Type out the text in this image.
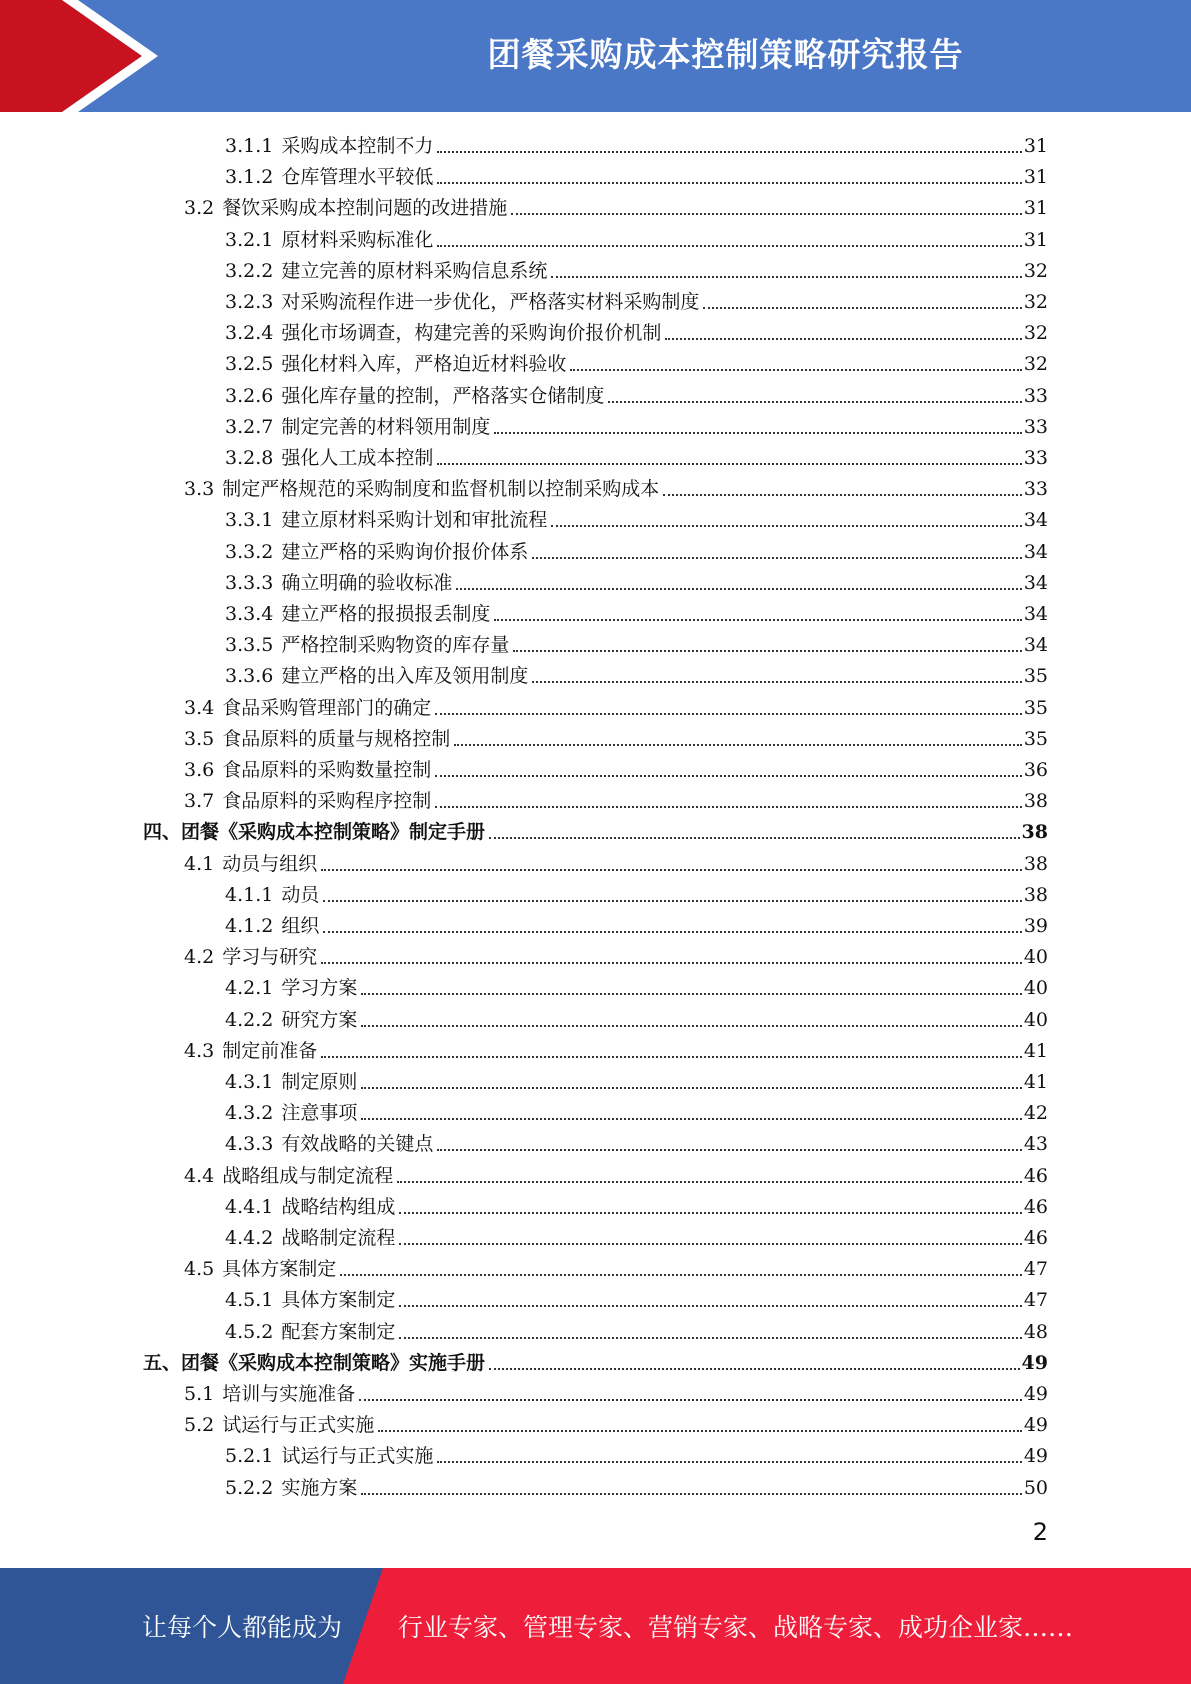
团餐采购成本控制策略研究报告
3.1.1 采购成本控制不力	31
3.1.2 仓库管理水平较低	31
3.2 餐饮采购成本控制问题的改进措施	31
3.2.1 原材料采购标准化	31
3.2.2 建立完善的原材料采购信息系统	32
3.2.3 对采购流程作进一步优化，严格落实材料采购制度	32
3.2.4 强化市场调查，构建完善的采购询价报价机制	32
3.2.5 强化材料入库，严格迫近材料验收	32
3.2.6 强化库存量的控制，严格落实仓储制度	33
3.2.7 制定完善的材料领用制度	33
3.2.8 强化人工成本控制	33
3.3 制定严格规范的采购制度和监督机制以控制采购成本	33
3.3.1 建立原材料采购计划和审批流程	34
3.3.2 建立严格的采购询价报价体系	34
3.3.3 确立明确的验收标准	34
3.3.4 建立严格的报损报丢制度	34
3.3.5 严格控制采购物资的库存量	34
3.3.6 建立严格的出入库及领用制度	35
3.4 食品采购管理部门的确定	35
3.5 食品原料的质量与规格控制	35
3.6 食品原料的采购数量控制	36
3.7 食品原料的采购程序控制	38
四、团餐《采购成本控制策略》制定手册	38
4.1 动员与组织	38
4.1.1 动员	38
4.1.2 组织	39
4.2 学习与研究	40
4.2.1 学习方案	40
4.2.2 研究方案	40
4.3 制定前准备	41
4.3.1 制定原则	41
4.3.2 注意事项	42
4.3.3 有效战略的关键点	43
4.4 战略组成与制定流程	46
4.4.1 战略结构组成	46
4.4.2 战略制定流程	46
4.5 具体方案制定	47
4.5.1 具体方案制定	47
4.5.2 配套方案制定	48
五、团餐《采购成本控制策略》实施手册	49
5.1 培训与实施准备	49
5.2 试运行与正式实施	49
5.2.1 试运行与正式实施	49
5.2.2 实施方案	50
2
让每个人都能成为 行业专家、管理专家、营销专家、战略专家、成功企业家……
